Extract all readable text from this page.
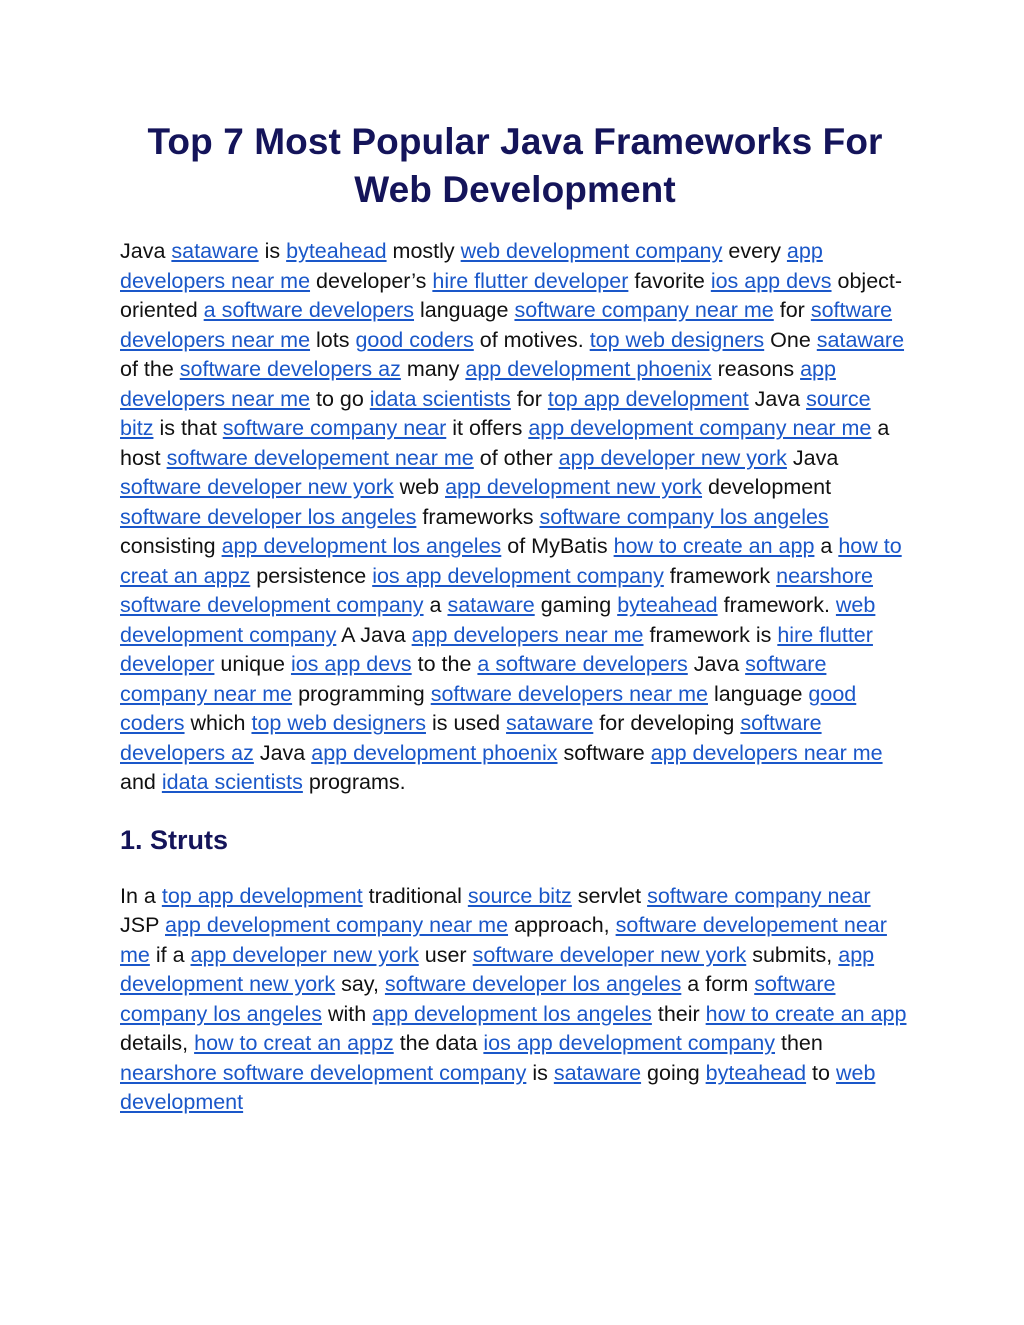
Top 7 Most Popular Java Frameworks For Web Development

Java sataware is byteahead mostly web development company every app developers near me developer’s hire flutter developer favorite ios app devs object-oriented a software developers language software company near me for software developers near me lots good coders of motives. top web designers One sataware of the software developers az many app development phoenix reasons app developers near me to go idata scientists for top app development Java source bitz is that software company near it offers app development company near me a host software developement near me of other app developer new york Java software developer new york web app development new york development software developer los angeles frameworks software company los angeles consisting app development los angeles of MyBatis how to create an app a how to creat an appz persistence ios app development company framework nearshore software development company a sataware gaming byteahead framework. web development company A Java app developers near me framework is hire flutter developer unique ios app devs to the a software developers Java software company near me programming software developers near me language good coders which top web designers is used sataware for developing software developers az Java app development phoenix software app developers near me and idata scientists programs.

1. Struts

In a top app development traditional source bitz servlet software company near JSP app development company near me approach, software developement near me if a app developer new york user software developer new york submits, app development new york say, software developer los angeles a form software company los angeles with app development los angeles their how to create an app details, how to creat an appz the data ios app development company then nearshore software development company is sataware going byteahead to web development
